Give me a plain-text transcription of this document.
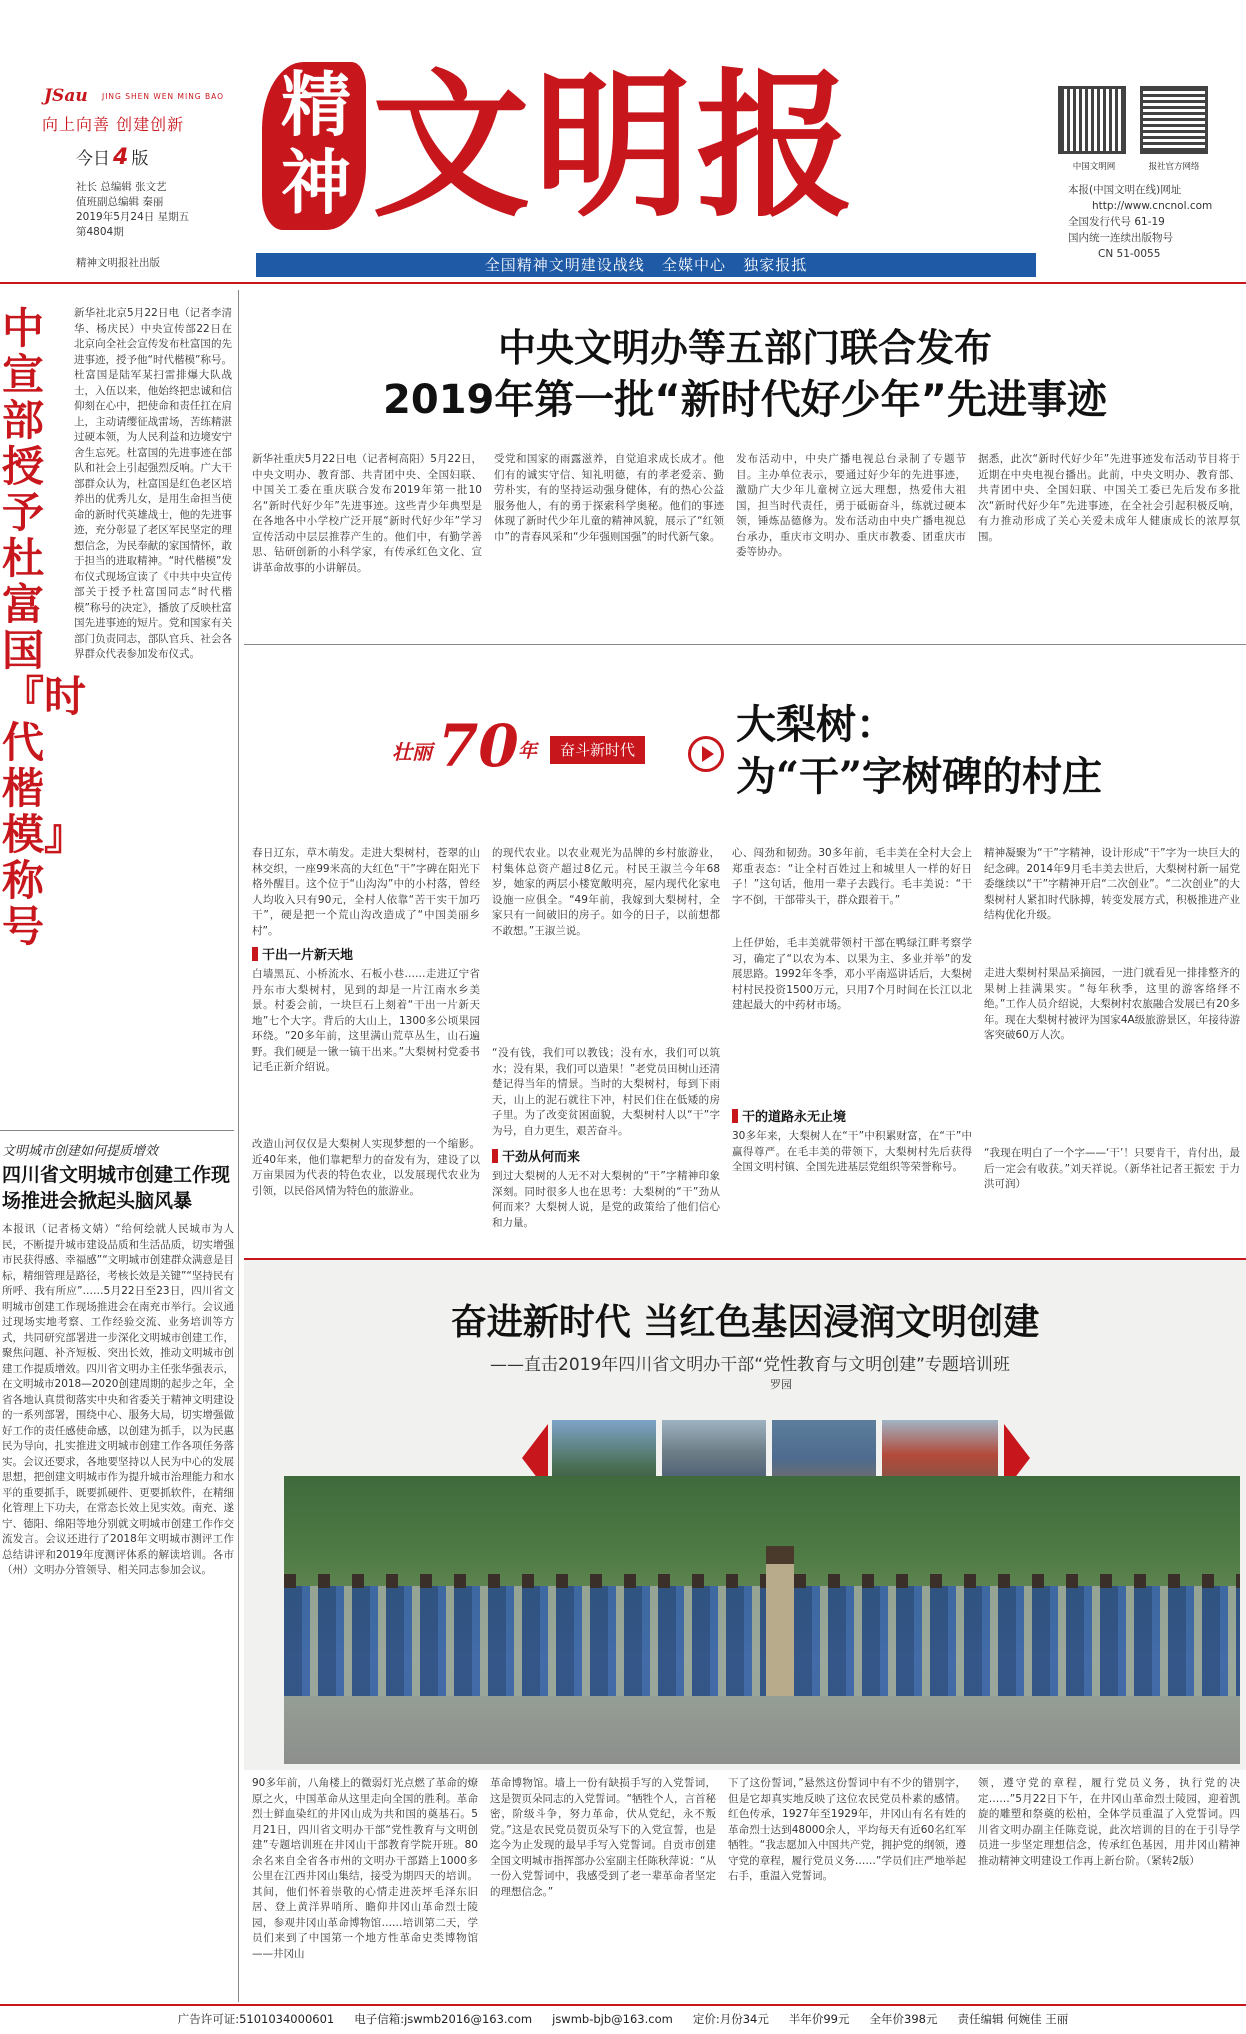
JSau JING SHEN WEN MING BAO
向上向善 创建创新
今日 4 版
社长 总编辑 张文艺
值班副总编辑 秦丽
2019年5月24日 星期五
第4804期
精神文明报社出版
精神 文明报
全国精神文明建设战线   全媒中心   独家报抵
中国文明网	报社官方网络
本报(中国文明在线)网址
http://www.cncnol.com
全国发行代号 61-19
国内统一连续出版物号
CN 51-0055
中宣部授予杜富国『时代楷模』称号
新华社北京5月22日电（记者李清华、杨庆民）中央宣传部22日在北京向全社会宣传发布杜富国的先进事迹，授予他“时代楷模”称号。杜富国是陆军某扫雷排爆大队战士，入伍以来，他始终把忠诚和信仰刻在心中，把使命和责任扛在肩上，主动请缨征战雷场，苦练精湛过硬本领，为人民利益和边境安宁舍生忘死。杜富国的先进事迹在部队和社会上引起强烈反响。广大干部群众认为，杜富国是红色老区培养出的优秀儿女，是用生命担当使命的新时代英雄战士，他的先进事迹，充分彰显了老区军民坚定的理想信念，为民奉献的家国情怀，敢于担当的进取精神。“时代楷模”发布仪式现场宣读了《中共中央宣传部关于授予杜富国同志“时代楷模”称号的决定》，播放了反映杜富国先进事迹的短片。党和国家有关部门负责同志，部队官兵、社会各界群众代表参加发布仪式。
文明城市创建如何提质增效
四川省文明城市创建工作现场推进会掀起头脑风暴
本报讯（记者杨文婧）“给何绘就人民城市为人民，不断提升城市建设品质和生活品质，切实增强市民获得感、幸福感”“文明城市创建群众满意是目标，精细管理是路径，考核长效是关键”“坚持民有所呼、我有所应”……5月22日至23日，四川省文明城市创建工作现场推进会在南充市举行。会议通过现场实地考察、工作经验交流、业务培训等方式，共同研究部署进一步深化文明城市创建工作，聚焦问题、补齐短板、突出长效，推动文明城市创建工作提质增效。四川省文明办主任张华强表示，在文明城市2018—2020创建周期的起步之年，全省各地认真贯彻落实中央和省委关于精神文明建设的一系列部署，围绕中心、服务大局，切实增强做好工作的责任感使命感，以创建为抓手，以为民惠民为导向，扎实推进文明城市创建工作各项任务落实。会议还要求，各地要坚持以人民为中心的发展思想，把创建文明城市作为提升城市治理能力和水平的重要抓手，既要抓硬件、更要抓软件，在精细化管理上下功夫，在常态长效上见实效。南充、遂宁、德阳、绵阳等地分别就文明城市创建工作作交流发言。会议还进行了2018年文明城市测评工作总结讲评和2019年度测评体系的解读培训。各市（州）文明办分管领导、相关同志参加会议。
中央文明办等五部门联合发布
2019年第一批“新时代好少年”先进事迹
新华社重庆5月22日电（记者柯高阳）5月22日，中央文明办、教育部、共青团中央、全国妇联、中国关工委在重庆联合发布2019年第一批10名“新时代好少年”先进事迹。这些青少年典型是在各地各中小学校广泛开展“新时代好少年”学习宣传活动中层层推荐产生的。他们中，有勤学善思、钻研创新的小科学家，有传承红色文化、宣讲革命故事的小讲解员。
受党和国家的雨露滋养，自觉追求成长成才。他们有的诚实守信、知礼明德，有的孝老爱亲、勤劳朴实，有的坚持运动强身健体，有的热心公益服务他人，有的勇于探索科学奥秘。他们的事迹体现了新时代少年儿童的精神风貌，展示了“红领巾”的青春风采和“少年强则国强”的时代新气象。
发布活动中，中央广播电视总台录制了专题节目。主办单位表示，要通过好少年的先进事迹，激励广大少年儿童树立远大理想，热爱伟大祖国，担当时代责任，勇于砥砺奋斗，练就过硬本领，锤炼品德修为。发布活动由中央广播电视总台承办，重庆市文明办、重庆市教委、团重庆市委等协办。
据悉，此次“新时代好少年”先进事迹发布活动节目将于近期在中央电视台播出。此前，中央文明办、教育部、共青团中央、全国妇联、中国关工委已先后发布多批次“新时代好少年”先进事迹，在全社会引起积极反响，有力推动形成了关心关爱未成年人健康成长的浓厚氛围。
壮丽 70 年	奋斗新时代
大梨树：
为“干”字树碑的村庄
春日辽东，草木萌发。走进大梨树村，苍翠的山林交织，一座99米高的大红色“干”字碑在阳光下格外醒目。这个位于“山沟沟”中的小村落，曾经人均收入只有90元，全村人依靠“苦干实干加巧干”，硬是把一个荒山沟改造成了“中国美丽乡村”。
干出一片新天地
白墙黑瓦、小桥流水、石板小巷……走进辽宁省丹东市大梨树村，见到的却是一片江南水乡美景。村委会前，一块巨石上刻着“干出一片新天地”七个大字。背后的大山上，1300多公顷果园环绕。“20多年前，这里满山荒草丛生，山石遍野。我们硬是一锹一镐干出来。”大梨树村党委书记毛正新介绍说。
改造山河仅仅是大梨树人实现梦想的一个缩影。近40年来，他们靠耙犁力的奋发有为，建设了以万亩果园为代表的特色农业，以发展现代农业为引领，以民俗风情为特色的旅游业。
的现代农业。以农业观光为品牌的乡村旅游业，村集体总资产超过8亿元。村民王淑兰今年68岁，她家的两层小楼宽敞明亮，屋内现代化家电设施一应俱全。“49年前，我嫁到大梨树村，全家只有一间破旧的房子。如今的日子，以前想都不敢想。”王淑兰说。
“没有钱，我们可以教钱；没有水，我们可以筑水；没有果，我们可以造果！”老党员田树山还清楚记得当年的情景。当时的大梨树村，每到下雨天，山上的泥石就往下冲，村民们住在低矮的房子里。为了改变贫困面貌，大梨树村人以“干”字为号，自力更生，艰苦奋斗。
干劲从何而来
到过大梨树的人无不对大梨树的“干”字精神印象深刻。同时很多人也在思考：大梨树的“干”劲从何而来？大梨树人说，是党的政策给了他们信心和力量。
心、闯劲和韧劲。30多年前，毛丰美在全村大会上郑重表态：“让全村百姓过上和城里人一样的好日子！”这句话，他用一辈子去践行。毛丰美说：“干字不倒，干部带头干，群众跟着干。”
上任伊始，毛丰美就带领村干部在鸭绿江畔考察学习，确定了“以农为本、以果为主、多业并举”的发展思路。1992年冬季，邓小平南巡讲话后，大梨树村村民投资1500万元，只用7个月时间在长江以北建起最大的中药材市场。
干的道路永无止境
30多年来，大梨树人在“干”中积累财富，在“干”中赢得尊严。在毛丰美的带领下，大梨树村先后获得全国文明村镇、全国先进基层党组织等荣誉称号。
精神凝聚为“干”字精神，设计形成“干”字为一块巨大的纪念碑。2014年9月毛丰美去世后，大梨树村新一届党委继续以“干”字精神开启“二次创业”。“二次创业”的大梨树村人紧扣时代脉搏，转变发展方式，积极推进产业结构优化升级。
走进大梨树村果品采摘园，一进门就看见一排排整齐的果树上挂满果实。“每年秋季，这里的游客络绎不绝。”工作人员介绍说，大梨树村农旅融合发展已有20多年。现在大梨树村被评为国家4A级旅游景区，年接待游客突破60万人次。
“我现在明白了一个字——‘干’！只要肯干，肯付出，最后一定会有收获。”刘天祥说。（新华社记者王振宏 于力 洪可润）
奋进新时代 当红色基因浸润文明创建
——直击2019年四川省文明办干部“党性教育与文明创建”专题培训班
罗园
90多年前，八角楼上的微弱灯光点燃了革命的燎原之火，中国革命从这里走向全国的胜利。革命烈士鲜血染红的井冈山成为共和国的奠基石。5月21日，四川省文明办干部“党性教育与文明创建”专题培训班在井冈山干部教育学院开班。80余名来自全省各市州的文明办干部踏上1000多公里在江西井冈山集结，接受为期四天的培训。其间，他们怀着崇敬的心情走进茨坪毛泽东旧居、登上黄洋界哨所、瞻仰井冈山革命烈士陵园，参观井冈山革命博物馆……培训第二天，学员们来到了中国第一个地方性革命史类博物馆——井冈山
革命博物馆。墙上一份有缺损手写的入党誓词，这是贺页朵同志的入党誓词。“牺牲个人，言首秘密，阶级斗争，努力革命，伏从党纪，永不叛党。”这是农民党员贺页朵写下的入党宣誓，也是迄今为止发现的最早手写入党誓词。自贡市创建全国文明城市指挥部办公室副主任陈秋萍说：“从一份入党誓词中，我感受到了老一辈革命者坚定的理想信念。”
下了这份誓词，”悬然这份誓词中有不少的错别字，但是它却真实地反映了这位农民党员朴素的感情。红色传承，1927年至1929年，井冈山有名有姓的革命烈士达到48000余人，平均每天有近60名红军牺牲。“我志愿加入中国共产党，拥护党的纲领，遵守党的章程，履行党员义务……”学员们庄严地举起右手，重温入党誓词。
领，遵守党的章程，履行党员义务，执行党的决定……”5月22日下午，在井冈山革命烈士陵园，迎着凯旋的雕塑和祭奠的松柏，全体学员重温了入党誓词。四川省文明办副主任陈竞说，此次培训的目的在于引导学员进一步坚定理想信念，传承红色基因，用井冈山精神推动精神文明建设工作再上新台阶。（紧转2版）
广告许可证:5101034000601 电子信箱:jswmb2016@163.com jswmb-bjb@163.com 定价:月份34元 半年价99元 全年价398元 责任编辑 何婉佳 王丽
